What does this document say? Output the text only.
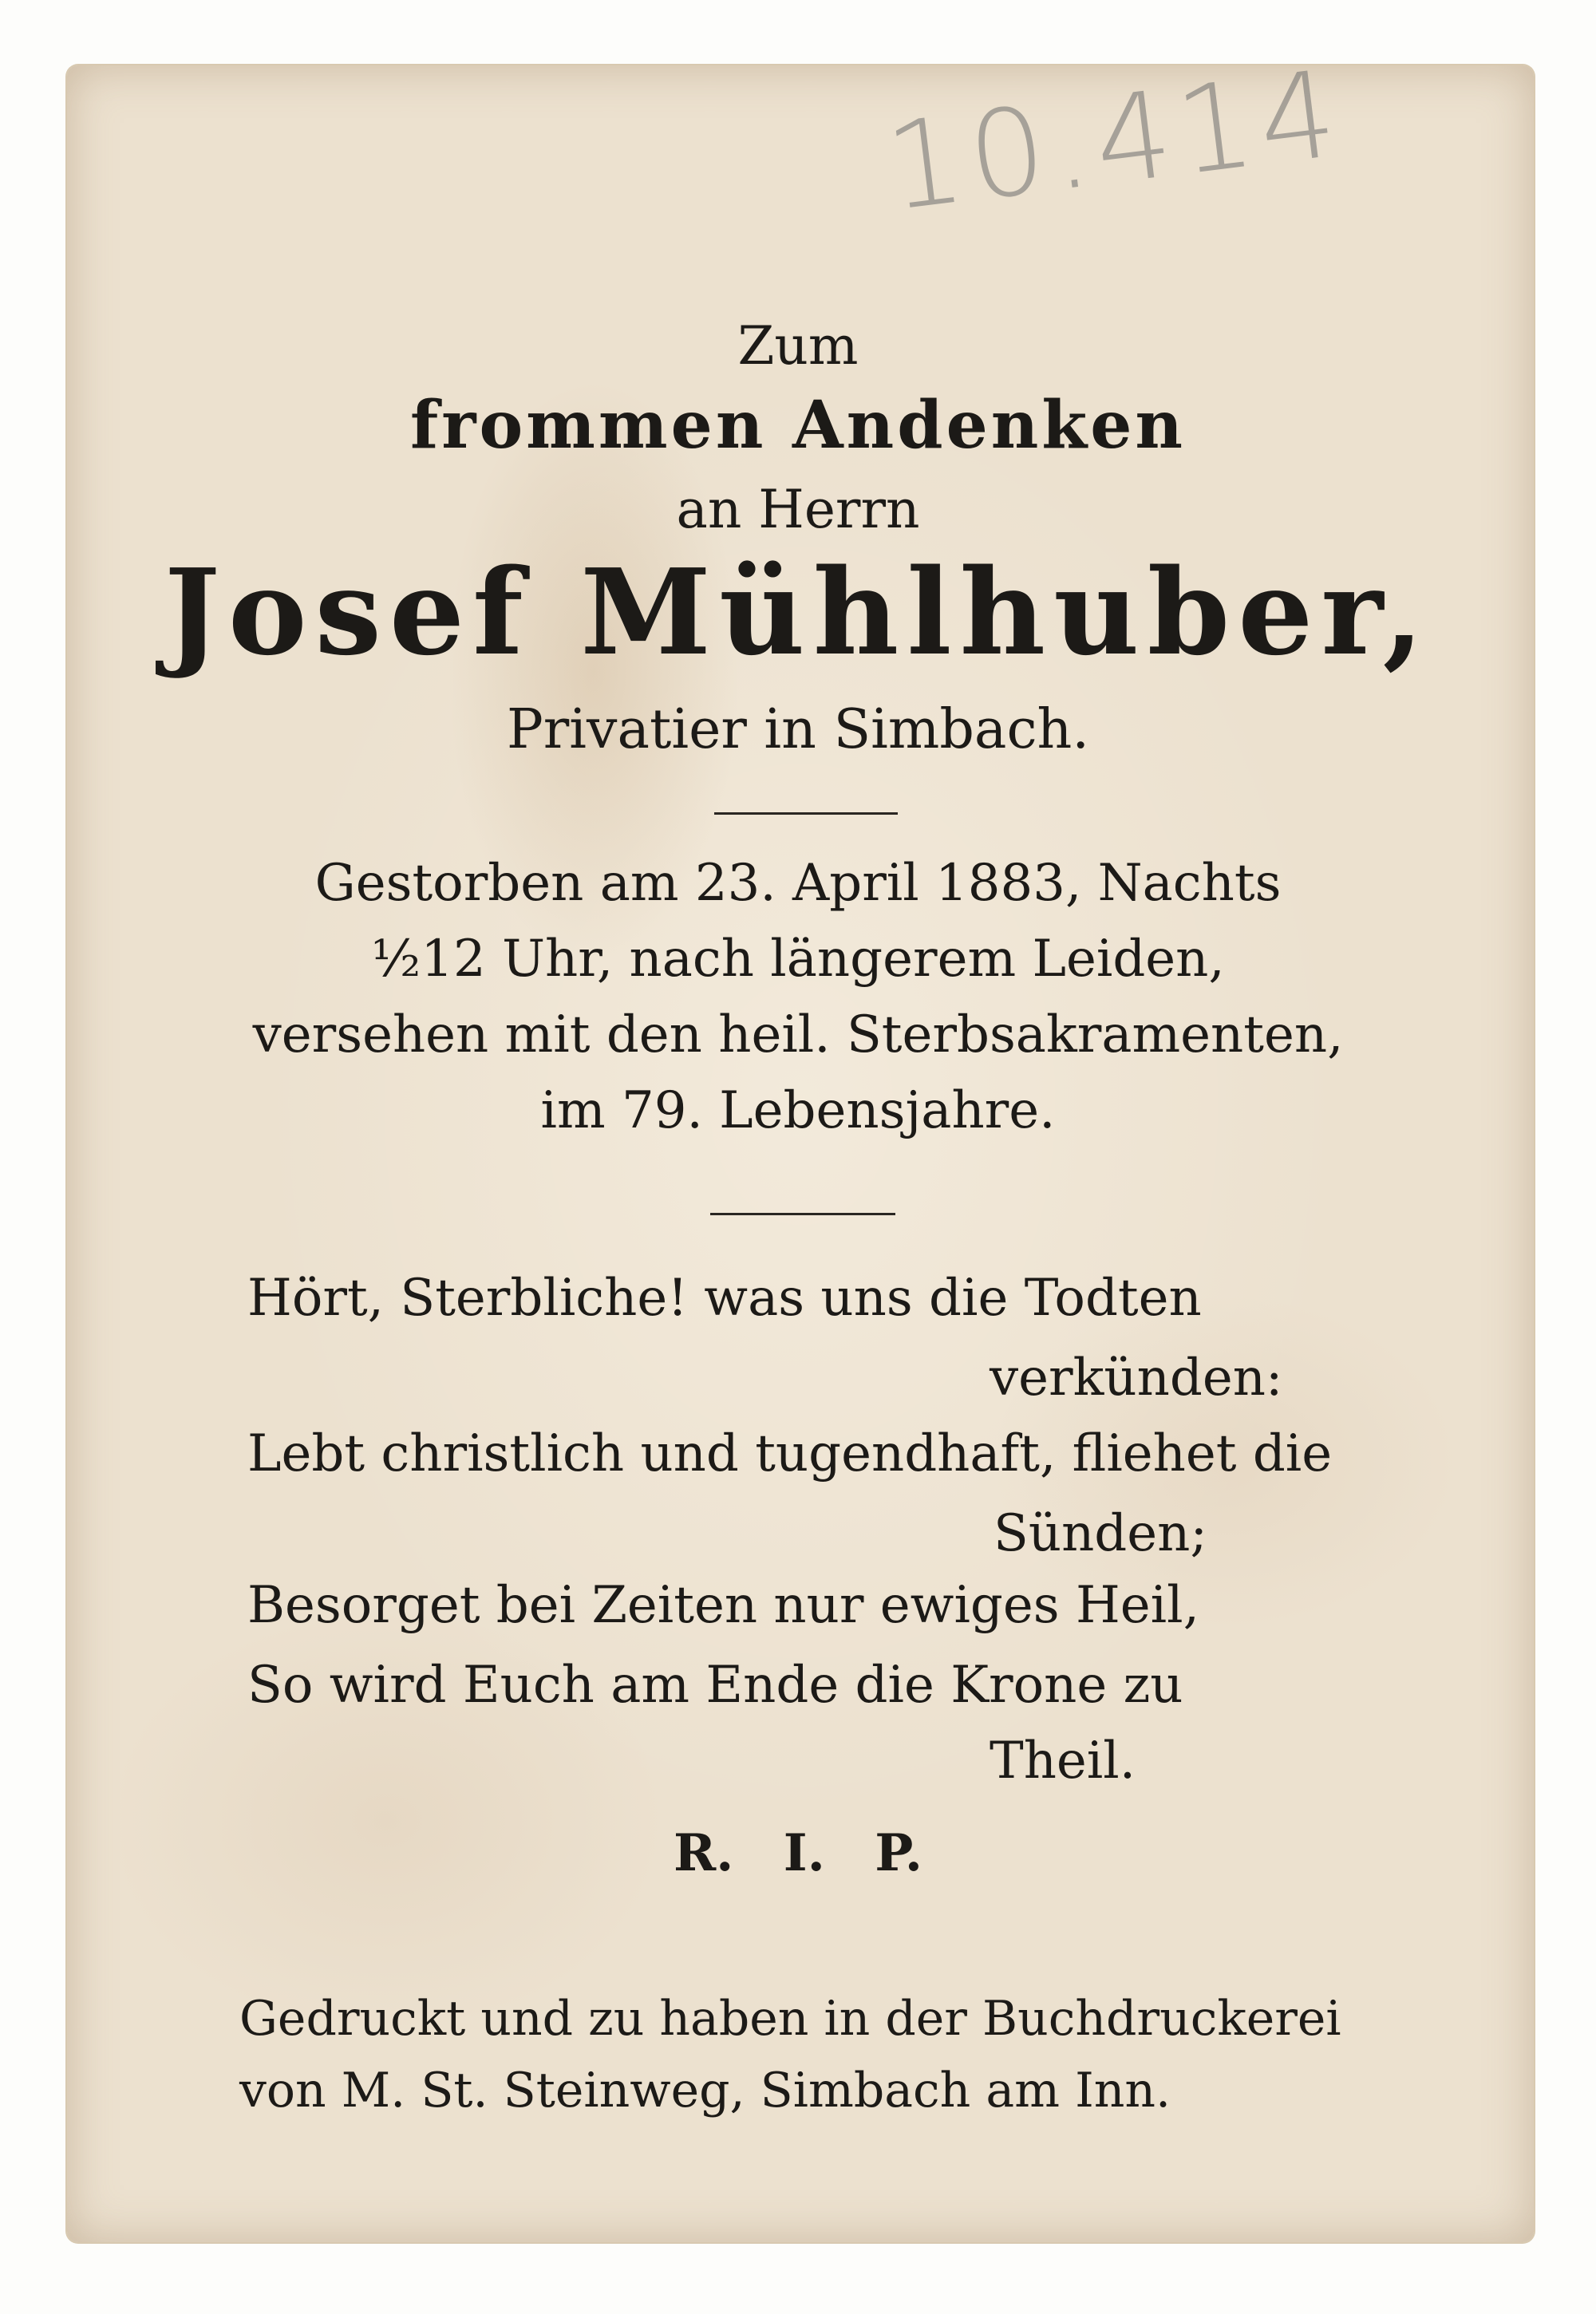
10.414

Zum

frommen Andenken

an Herrn

Josef Mühlhuber,

Privatier in Simbach.

Gestorben am 23. April 1883, Nachts

½12 Uhr, nach längerem Leiden,

versehen mit den heil. Sterbsakramenten,

im 79. Lebensjahre.

Hört, Sterbliche! was uns die Todten

verkünden:

Lebt christlich und tugendhaft, fliehet die

Sünden;

Besorget bei Zeiten nur ewiges Heil,

So wird Euch am Ende die Krone zu

Theil.

R. I. P.

Gedruckt und zu haben in der Buchdruckerei

von M. St. Steinweg, Simbach am Inn.
